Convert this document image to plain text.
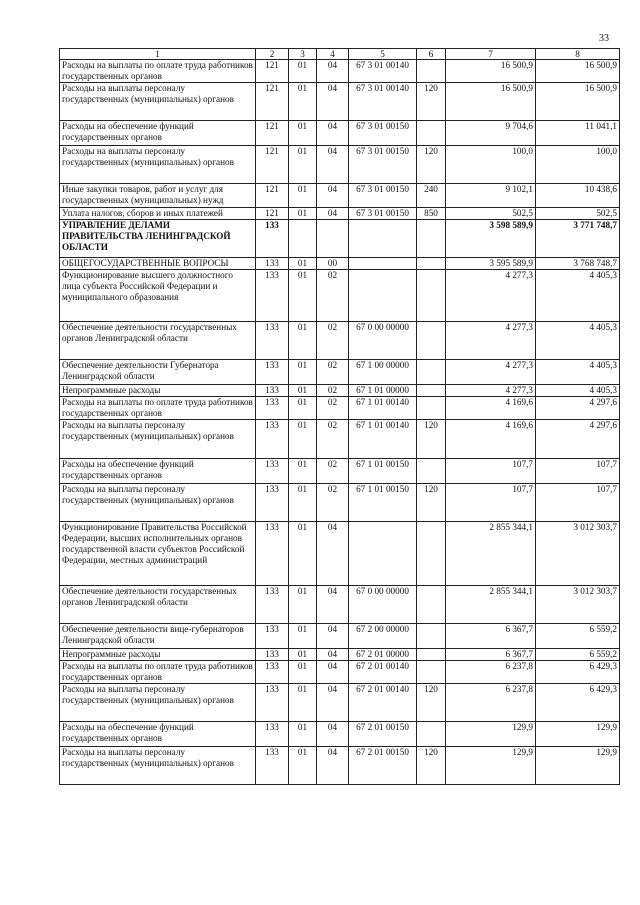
33
1	2	3	4	5	6	7	8
Расходы на выплаты по оплате труда работников государственных органов	121	01	04	67 3 01 00140		16 500,9	16 500,9
Расходы на выплаты персоналу государственных (муниципальных) органов	121	01	04	67 3 01 00140	120	16 500,9	16 500,9
Расходы на обеспечение функций государственных органов	121	01	04	67 3 01 00150		9 704,6	11 041,1
Расходы на выплаты персоналу государственных (муниципальных) органов	121	01	04	67 3 01 00150	120	100,0	100,0
Иные закупки товаров, работ и услуг для государственных (муниципальных) нужд	121	01	04	67 3 01 00150	240	9 102,1	10 438,6
Уплата налогов, сборов и иных платежей	121	01	04	67 3 01 00150	850	502,5	502,5
УПРАВЛЕНИЕ ДЕЛАМИ ПРАВИТЕЛЬСТВА ЛЕНИНГРАДСКОЙ ОБЛАСТИ	133					3 598 589,9	3 771 748,7
ОБЩЕГОСУДАРСТВЕННЫЕ ВОПРОСЫ	133	01	00			3 595 589,9	3 768 748,7
Функционирование высшего должностного лица субъекта Российской Федерации и муниципального образования	133	01	02			4 277,3	4 405,3
Обеспечение деятельности государственных органов Ленинградской области	133	01	02	67 0 00 00000		4 277,3	4 405,3
Обеспечение деятельности Губернатора Ленинградской области	133	01	02	67 1 00 00000		4 277,3	4 405,3
Непрограммные расходы	133	01	02	67 1 01 00000		4 277,3	4 405,3
Расходы на выплаты по оплате труда работников государственных органов	133	01	02	67 1 01 00140		4 169,6	4 297,6
Расходы на выплаты персоналу государственных (муниципальных) органов	133	01	02	67 1 01 00140	120	4 169,6	4 297,6
Расходы на обеспечение функций государственных органов	133	01	02	67 1 01 00150		107,7	107,7
Расходы на выплаты персоналу государственных (муниципальных) органов	133	01	02	67 1 01 00150	120	107,7	107,7
Функционирование Правительства Российской Федерации, высших исполнительных органов государственной власти субъектов Российской Федерации, местных администраций	133	01	04			2 855 344,1	3 012 303,7
Обеспечение деятельности государственных органов Ленинградской области	133	01	04	67 0 00 00000		2 855 344,1	3 012 303,7
Обеспечение деятельности вице-губернаторов Ленинградской области	133	01	04	67 2 00 00000		6 367,7	6 559,2
Непрограммные расходы	133	01	04	67 2 01 00000		6 367,7	6 559,2
Расходы на выплаты по оплате труда работников государственных органов	133	01	04	67 2 01 00140		6 237,8	6 429,3
Расходы на выплаты персоналу государственных (муниципальных) органов	133	01	04	67 2 01 00140	120	6 237,8	6 429,3
Расходы на обеспечение функций государственных органов	133	01	04	67 2 01 00150		129,9	129,9
Расходы на выплаты персоналу государственных (муниципальных) органов	133	01	04	67 2 01 00150	120	129,9	129,9
